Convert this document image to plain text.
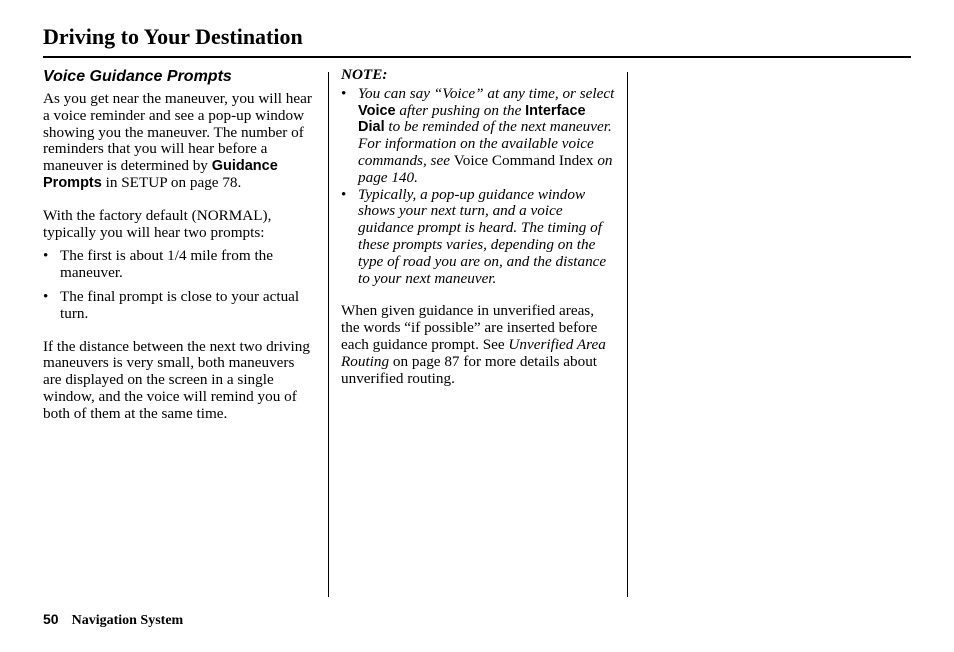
Driving to Your Destination
Voice Guidance Prompts

As you get near the maneuver, you will hear a voice reminder and see a pop-up window showing you the maneuver. The number of reminders that you will hear before a maneuver is determined by Guidance Prompts in SETUP on page 78.

With the factory default (NORMAL), typically you will hear two prompts:

• The first is about 1/4 mile from the maneuver.
• The final prompt is close to your actual turn.

If the distance between the next two driving maneuvers is very small, both maneuvers are displayed on the screen in a single window, and the voice will remind you of both of them at the same time.

NOTE:
• You can say “Voice” at any time, or select Voice after pushing on the Interface Dial to be reminded of the next maneuver. For information on the available voice commands, see Voice Command Index on page 140.
• Typically, a pop-up guidance window shows your next turn, and a voice guidance prompt is heard. The timing of these prompts varies, depending on the type of road you are on, and the distance to your next maneuver.

When given guidance in unverified areas, the words “if possible” are inserted before each guidance prompt. See Unverified Area Routing on page 87 for more details about unverified routing.

50 Navigation System
